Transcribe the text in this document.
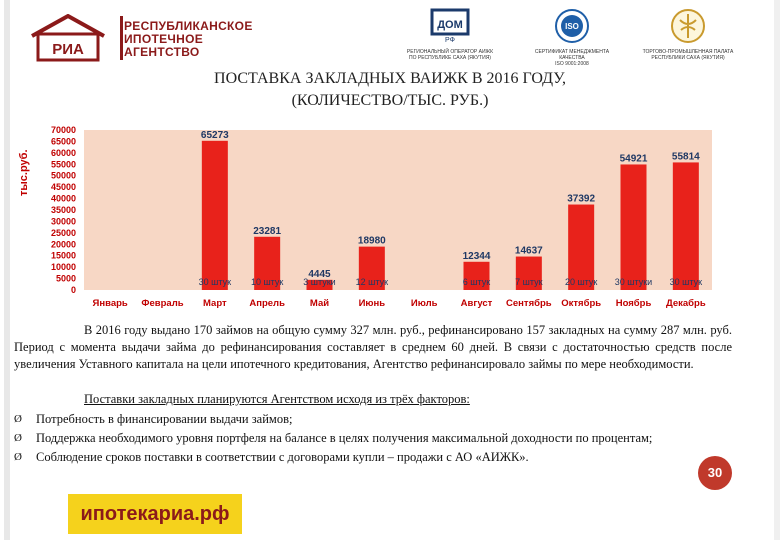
РИА
РЕСПУБЛИКАНСКОЕ
ИПОТЕЧНОЕ
АГЕНТСТВО
ДОМ
РФ
РЕГИОНАЛЬНЫЙ ОПЕРАТОР АИЖК
ПО РЕСПУБЛИКЕ САХА (ЯКУТИЯ)
ISO
СЕРТИФИКАТ МЕНЕДЖМЕНТА КАЧЕСТВА
ISO 9001:2008
ТОРГОВО-ПРОМЫШЛЕННАЯ ПАЛАТА
РЕСПУБЛИКИ САХА (ЯКУТИЯ)
ПОСТАВКА ЗАКЛАДНЫХ ВАИЖК В 2016 ГОДУ,
(КОЛИЧЕСТВО/ТЫС. РУБ.)
0
5000
10000
15000
20000
25000
30000
35000
40000
45000
50000
55000
60000
65000
70000
Январь Февраль
65273
30 штук
Март
23281
10 штук
Апрель
4445
3 штуки
Май
18980
12 штук
Июнь	Июль
12344
6 штук
Август
14637
7 штук
Сентябрь
37392
20 штук
Октябрь
54921
30 штуки
Ноябрь
55814
30 штук
Декабрь
тыс.руб.
В 2016 году выдано 170 займов на общую сумму 327 млн. руб., рефинансировано 157 закладных на сумму 287 млн. руб. Период с момента выдачи займа до рефинансирования составляет в среднем 60 дней. В связи с достаточностью средств после увеличения Уставного капитала на цели ипотечного кредитования, Агентство рефинансировало займы по мере необходимости.
Поставки закладных планируются Агентством исходя из трёх факторов:
Ø Потребность в финансировании выдачи займов;
Ø Поддержка необходимого уровня портфеля на балансе в целях получения максимальной доходности по процентам;
Ø Соблюдение сроков поставки в соответствии с договорами купли – продажи с АО «АИЖК».
30
ипотекариа.рф
